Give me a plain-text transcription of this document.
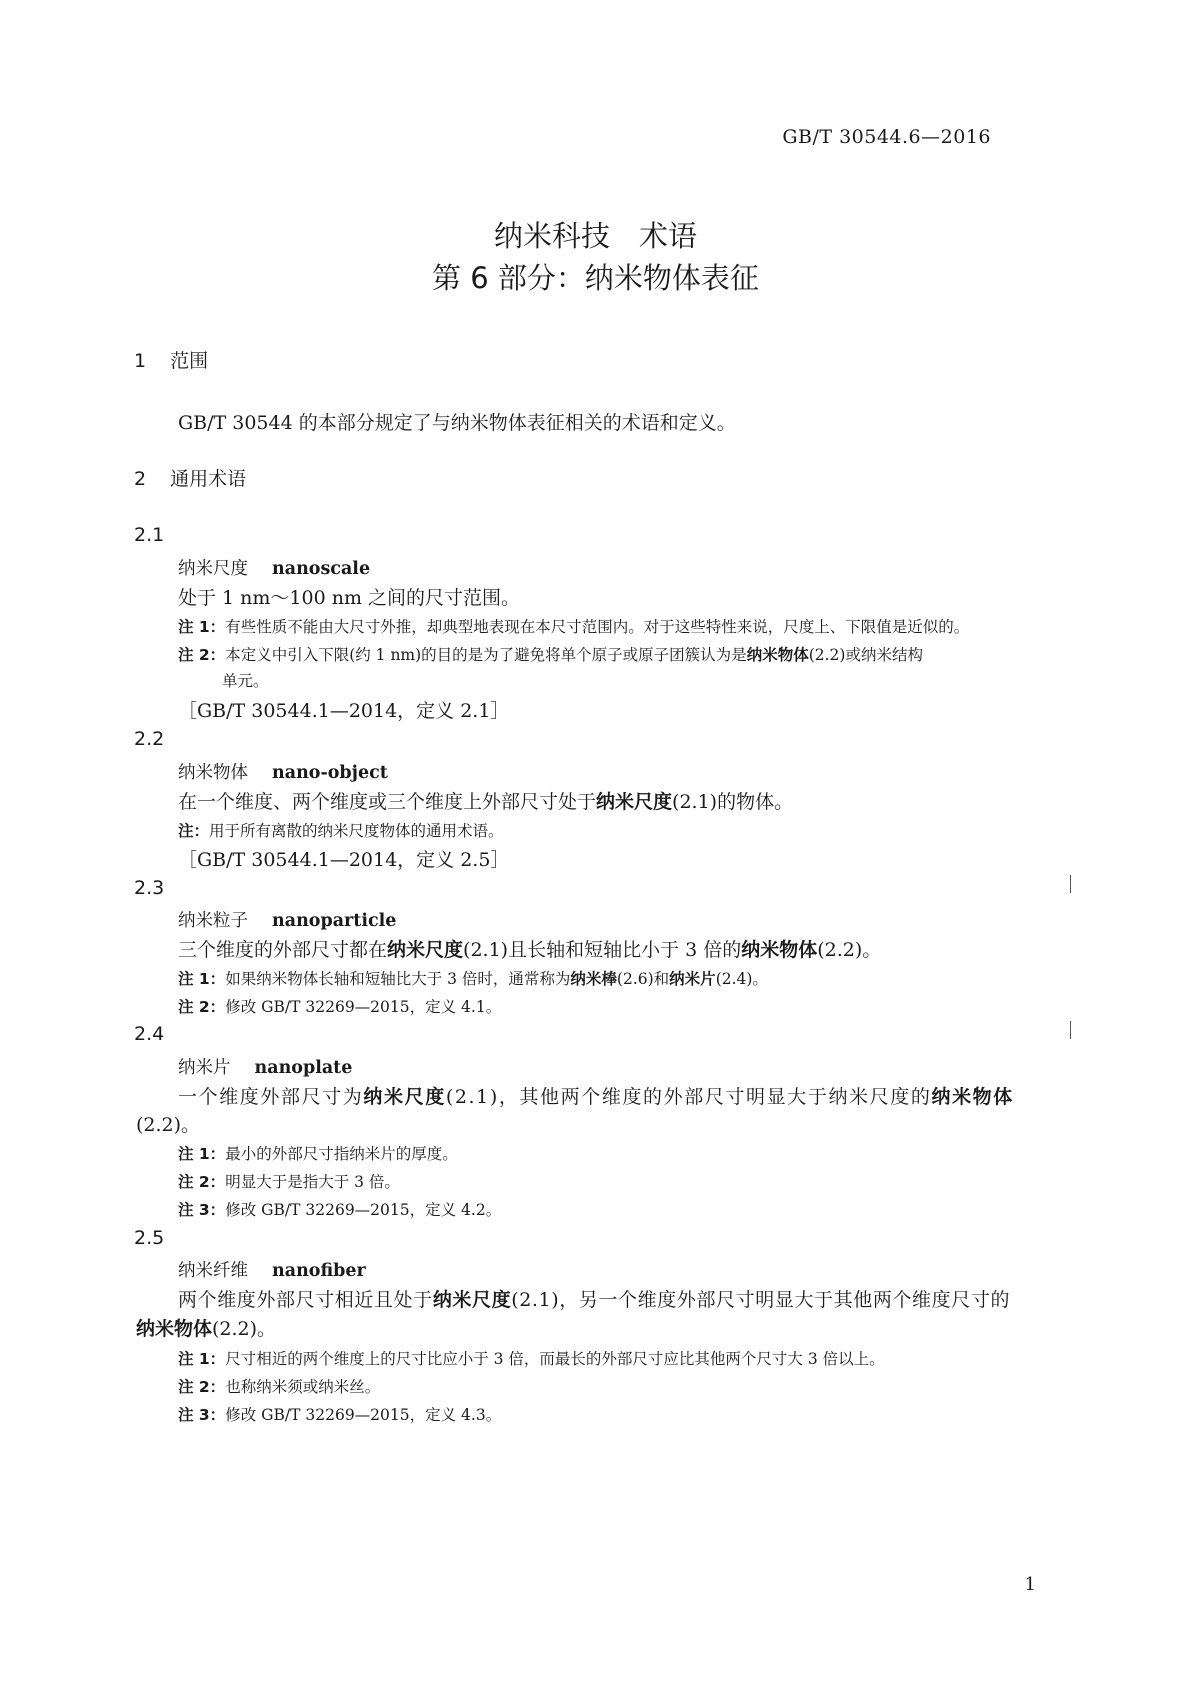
GB/T 30544.6—2016
纳米科技　术语
第 6 部分：纳米物体表征
1 范围
GB/T 30544 的本部分规定了与纳米物体表征相关的术语和定义。
2 通用术语
2.1
纳米尺度 nanoscale
处于 1 nm～100 nm 之间的尺寸范围。
注 1：有些性质不能由大尺寸外推，却典型地表现在本尺寸范围内。对于这些特性来说，尺度上、下限值是近似的。
注 2：本定义中引入下限(约 1 nm)的目的是为了避免将单个原子或原子团簇认为是纳米物体(2.2)或纳米结构
单元。
［GB/T 30544.1—2014，定义 2.1］
2.2
纳米物体 nano-object
在一个维度、两个维度或三个维度上外部尺寸处于纳米尺度(2.1)的物体。
注：用于所有离散的纳米尺度物体的通用术语。
［GB/T 30544.1—2014，定义 2.5］
2.3
纳米粒子 nanoparticle
三个维度的外部尺寸都在纳米尺度(2.1)且长轴和短轴比小于 3 倍的纳米物体(2.2)。
注 1：如果纳米物体长轴和短轴比大于 3 倍时，通常称为纳米棒(2.6)和纳米片(2.4)。
注 2：修改 GB/T 32269—2015，定义 4.1。
2.4
纳米片 nanoplate
一个维度外部尺寸为纳米尺度(2.1)，其他两个维度的外部尺寸明显大于纳米尺度的纳米物体
(2.2)。
注 1：最小的外部尺寸指纳米片的厚度。
注 2：明显大于是指大于 3 倍。
注 3：修改 GB/T 32269—2015，定义 4.2。
2.5
纳米纤维 nanofiber
两个维度外部尺寸相近且处于纳米尺度(2.1)，另一个维度外部尺寸明显大于其他两个维度尺寸的
纳米物体(2.2)。
注 1：尺寸相近的两个维度上的尺寸比应小于 3 倍，而最长的外部尺寸应比其他两个尺寸大 3 倍以上。
注 2：也称纳米须或纳米丝。
注 3：修改 GB/T 32269—2015，定义 4.3。
1
